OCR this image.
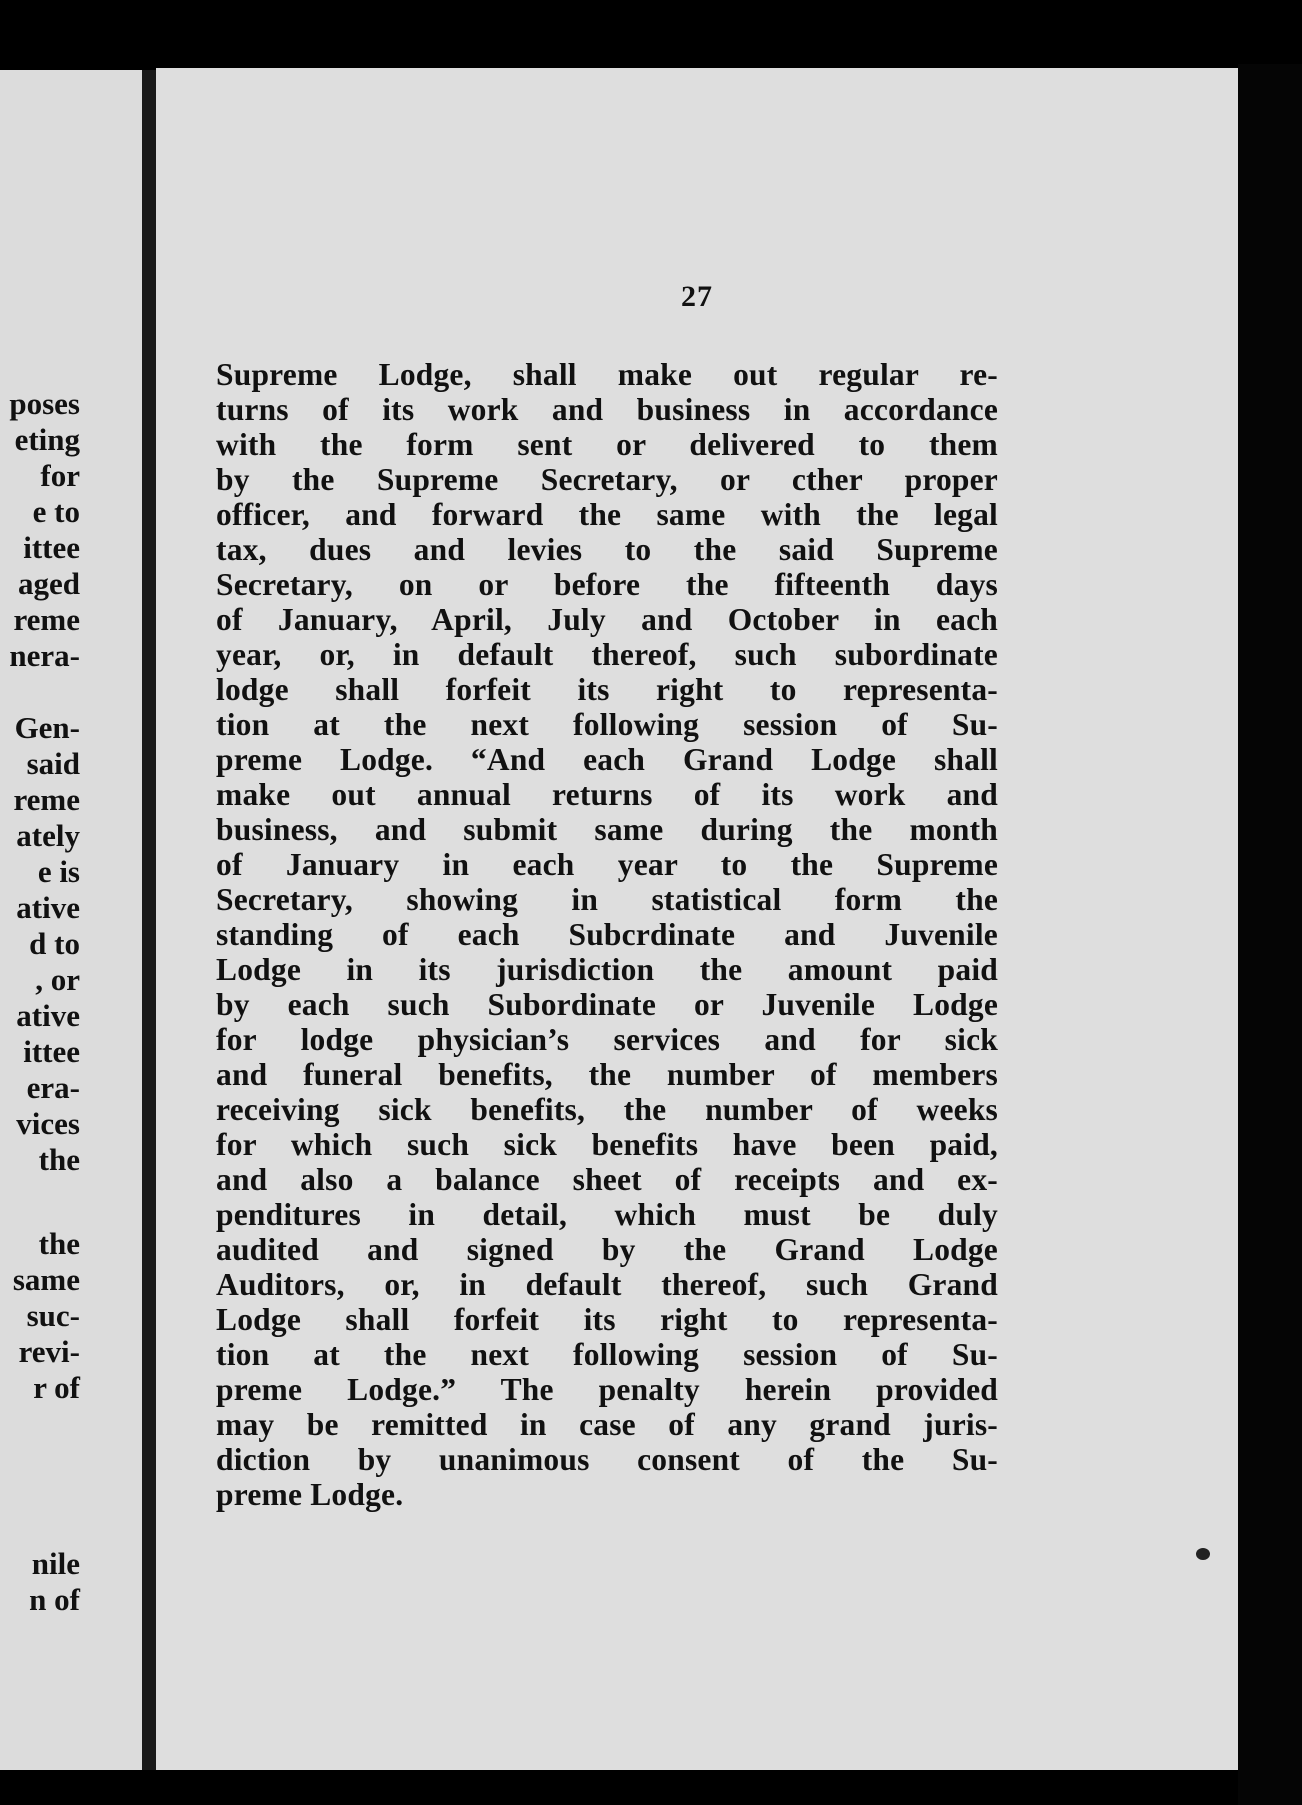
poses
eting
for
e to
ittee
aged
reme
nera-
Gen-
said
reme
ately
e is
ative
d to
, or
ative
ittee
era-
vices
the
the
same
suc-
revi-
r of
nile
n of
27
Supreme Lodge, shall make out regular re-
turns of its work and business in accordance
with the form sent or delivered to them
by the Supreme Secretary, or cther proper
officer, and forward the same with the legal
tax, dues and levies to the said Supreme
Secretary, on or before the fifteenth days
of January, April, July and October in each
year, or, in default thereof, such subordinate
lodge shall forfeit its right to representa-
tion at the next following session of Su-
preme Lodge. “And each Grand Lodge shall
make out annual returns of its work and
business, and submit same during the month
of January in each year to the Supreme
Secretary, showing in statistical form the
standing of each Subcrdinate and Juvenile
Lodge in its jurisdiction the amount paid
by each such Subordinate or Juvenile Lodge
for lodge physician’s services and for sick
and funeral benefits, the number of members
receiving sick benefits, the number of weeks
for which such sick benefits have been paid,
and also a balance sheet of receipts and ex-
penditures in detail, which must be duly
audited and signed by the Grand Lodge
Auditors, or, in default thereof, such Grand
Lodge shall forfeit its right to representa-
tion at the next following session of Su-
preme Lodge.” The penalty herein provided
may be remitted in case of any grand juris-
diction by unanimous consent of the Su-
preme Lodge.
